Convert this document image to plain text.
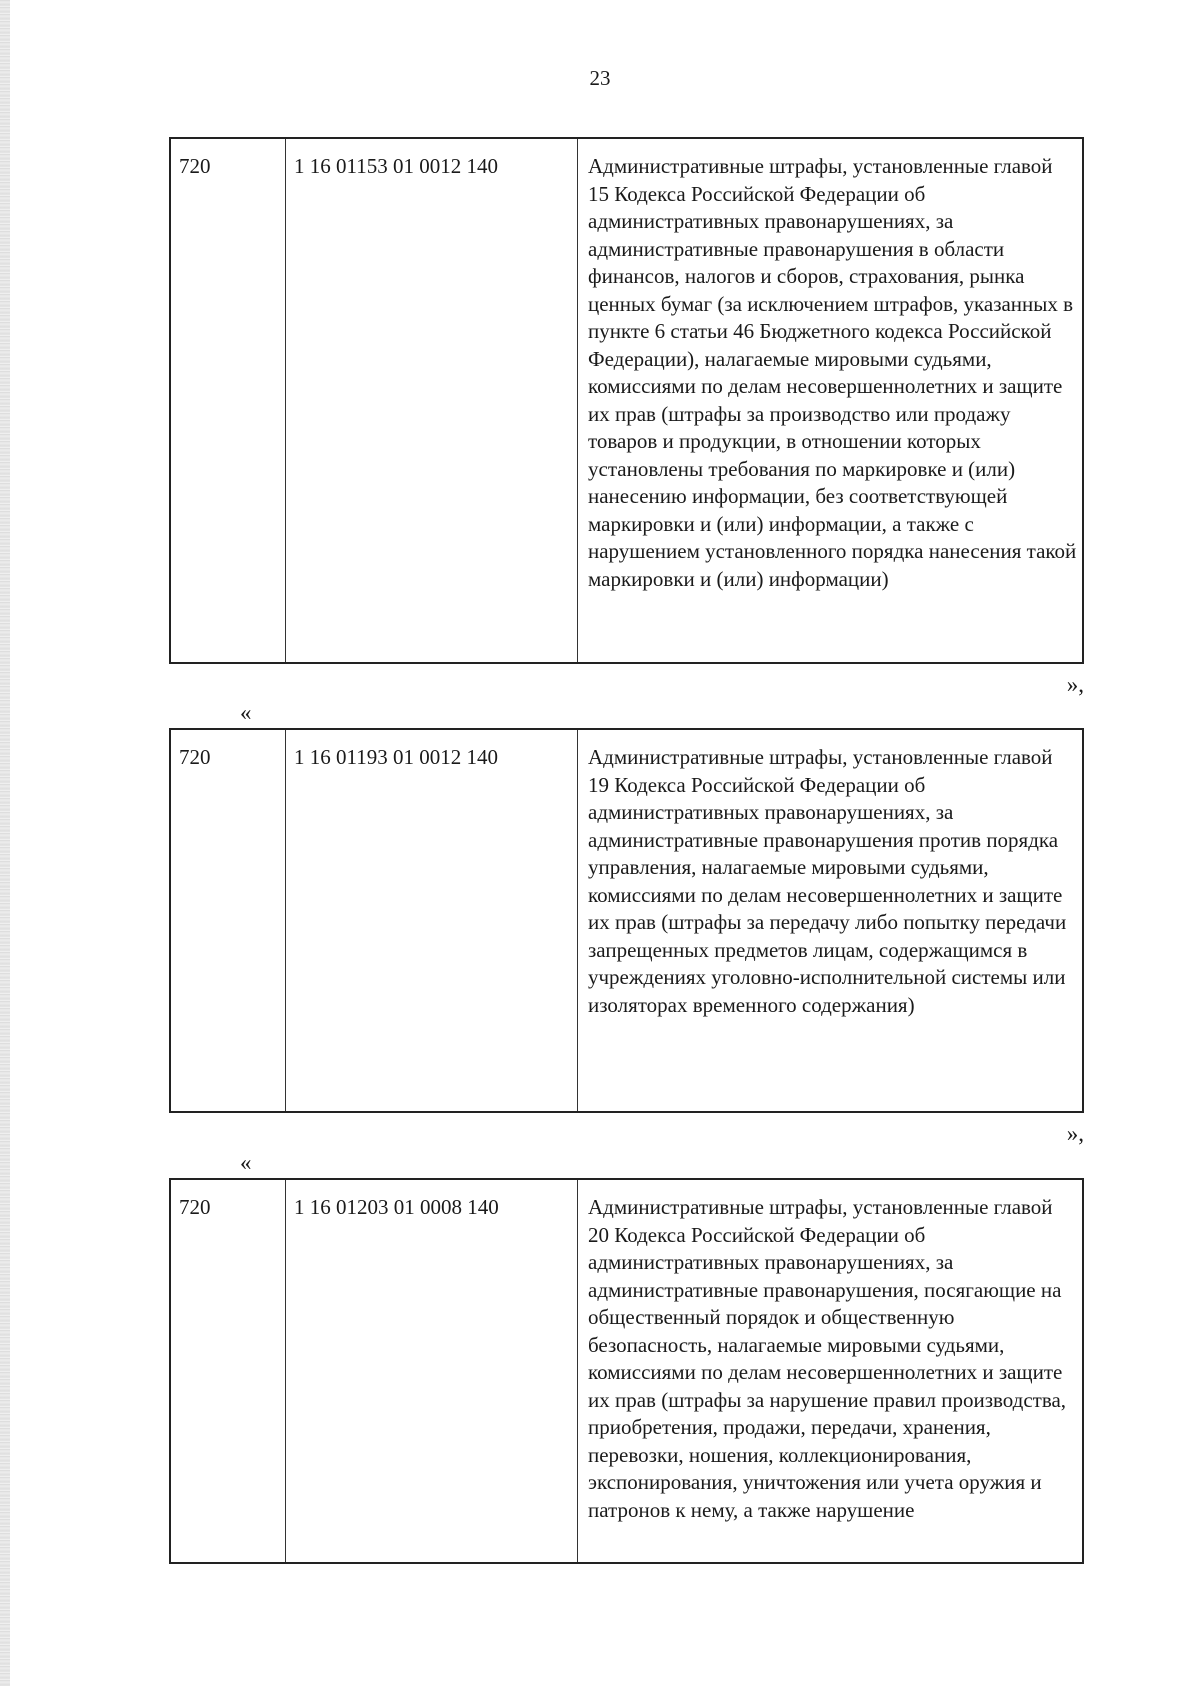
23
720	1 16 01153 01 0012 140	Административные штрафы, установленные главой 15 Кодекса Российской Федерации об административных правонарушениях, за административные правонарушения в области финансов, налогов и сборов, страхования, рынка ценных бумаг (за исключением штрафов, указанных в пункте 6 статьи 46 Бюджетного кодекса Российской Федерации), налагаемые мировыми судьями, комиссиями по делам несовершеннолетних и защите их прав (штрафы за производство или продажу товаров и продукции, в отношении которых установлены требования по маркировке и (или) нанесению информации, без соответствующей маркировки и (или) информации, а также с нарушением установленного порядка нанесения такой маркировки и (или) информации)
»,
«
720	1 16 01193 01 0012 140	Административные штрафы, установленные главой 19 Кодекса Российской Федерации об административных правонарушениях, за административные правонарушения против порядка управления, налагаемые мировыми судьями, комиссиями по делам несовершеннолетних и защите их прав (штрафы за передачу либо попытку передачи запрещенных предметов лицам, содержащимся в учреждениях уголовно-исполнительной системы или изоляторах временного содержания)
»,
«
720	1 16 01203 01 0008 140	Административные штрафы, установленные главой 20 Кодекса Российской Федерации об административных правонарушениях, за административные правонарушения, посягающие на общественный порядок и общественную безопасность, налагаемые мировыми судьями, комиссиями по делам несовершеннолетних и защите их прав (штрафы за нарушение правил производства, приобретения, продажи, передачи, хранения, перевозки, ношения, коллекционирования, экспонирования, уничтожения или учета оружия и патронов к нему, а также нарушение
